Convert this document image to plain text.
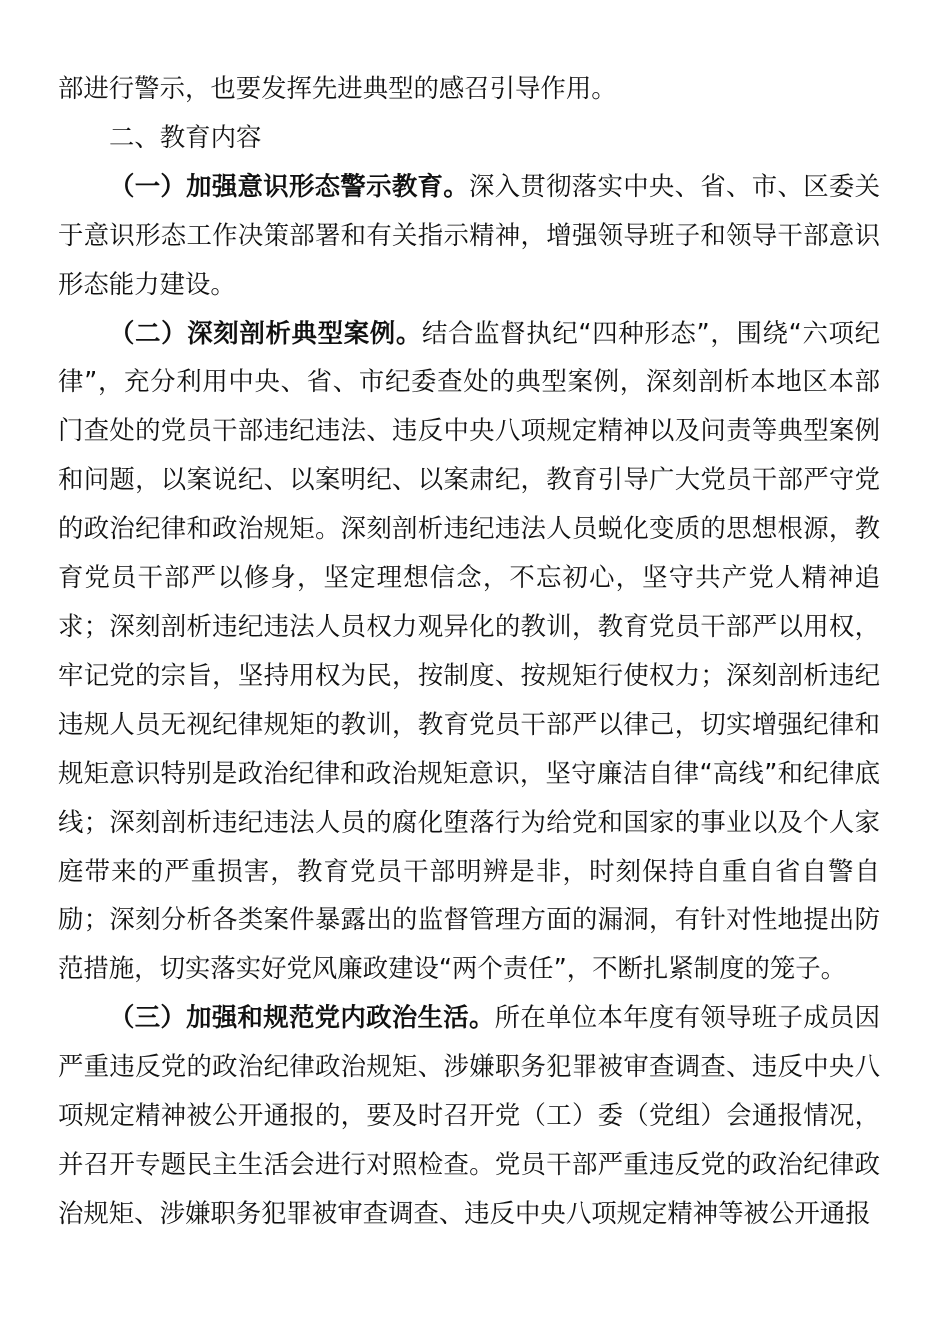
部进行警示，也要发挥先进典型的感召引导作用。

二、教育内容

（一）加强意识形态警示教育。深入贯彻落实中央、省、市、区委关于意识形态工作决策部署和有关指示精神，增强领导班子和领导干部意识形态能力建设。

（二）深刻剖析典型案例。结合监督执纪“四种形态”，围绕“六项纪律”，充分利用中央、省、市纪委查处的典型案例，深刻剖析本地区本部门查处的党员干部违纪违法、违反中央八项规定精神以及问责等典型案例和问题，以案说纪、以案明纪、以案肃纪，教育引导广大党员干部严守党的政治纪律和政治规矩。深刻剖析违纪违法人员蜕化变质的思想根源，教育党员干部严以修身，坚定理想信念，不忘初心，坚守共产党人精神追求；深刻剖析违纪违法人员权力观异化的教训，教育党员干部严以用权，牢记党的宗旨，坚持用权为民，按制度、按规矩行使权力；深刻剖析违纪违规人员无视纪律规矩的教训，教育党员干部严以律己，切实增强纪律和规矩意识特别是政治纪律和政治规矩意识，坚守廉洁自律“高线”和纪律底线；深刻剖析违纪违法人员的腐化堕落行为给党和国家的事业以及个人家庭带来的严重损害，教育党员干部明辨是非，时刻保持自重自省自警自励；深刻分析各类案件暴露出的监督管理方面的漏洞，有针对性地提出防范措施，切实落实好党风廉政建设“两个责任”，不断扎紧制度的笼子。

（三）加强和规范党内政治生活。所在单位本年度有领导班子成员因严重违反党的政治纪律政治规矩、涉嫌职务犯罪被审查调查、违反中央八项规定精神被公开通报的，要及时召开党（工）委（党组）会通报情况，并召开专题民主生活会进行对照检查。党员干部严重违反党的政治纪律政治规矩、涉嫌职务犯罪被审查调查、违反中央八项规定精神等被公开通报
